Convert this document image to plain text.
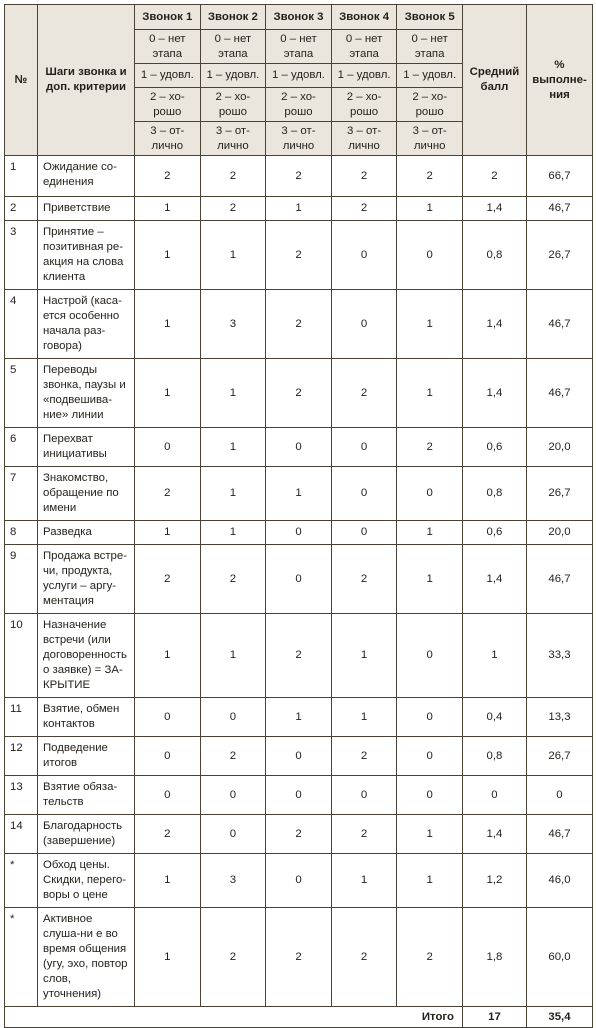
№	Шаги звонка и доп. критерии	Звонок 1	Звонок 2	Звонок 3	Звонок 4	Звонок 5	Средний балл	% выполне-ния
		0 – нет этапа	0 – нет этапа	0 – нет этапа	0 – нет этапа	0 – нет этапа		
		1 – удовл.	1 – удовл.	1 – удовл.	1 – удовл.	1 – удовл.		
		2 – хо-рошо	2 – хо-рошо	2 – хо-рошо	2 – хо-рошо	2 – хо-рошо		
		3 – от-лично	3 – от-лично	3 – от-лично	3 – от-лично	3 – от-лично		
1	Ожидание со-единения	2	2	2	2	2	2	66,7
2	Приветствие	1	2	1	2	1	1,4	46,7
3	Принятие – позитивная ре-акция на слова клиента	1	1	2	0	0	0,8	26,7
4	Настрой (каса-ется особенно начала раз-говора)	1	3	2	0	1	1,4	46,7
5	Переводы звонка, паузы и «подвешива-ние» линии	1	1	2	2	1	1,4	46,7
6	Перехват инициативы	0	1	0	0	2	0,6	20,0
7	Знакомство, обращение по имени	2	1	1	0	0	0,8	26,7
8	Разведка	1	1	0	0	1	0,6	20,0
9	Продажа встре-чи, продукта, услуги – аргу-ментация	2	2	0	2	1	1,4	46,7
10	Назначение встречи (или договоренность о заявке) = ЗА-КРЫТИЕ	1	1	2	1	0	1	33,3
11	Взятие, обмен контактов	0	0	1	1	0	0,4	13,3
12	Подведение итогов	0	2	0	2	0	0,8	26,7
13	Взятие обяза-тельств	0	0	0	0	0	0	0
14	Благодарность (завершение)	2	0	2	2	1	1,4	46,7
*	Обход цены. Скидки, перего-воры о цене	1	3	0	1	1	1,2	46,0
*	Активное слуша-ни е во время общения (угу, эхо, повтор слов, уточнения)	1	2	2	2	2	1,8	60,0
Итого							17	35,4
